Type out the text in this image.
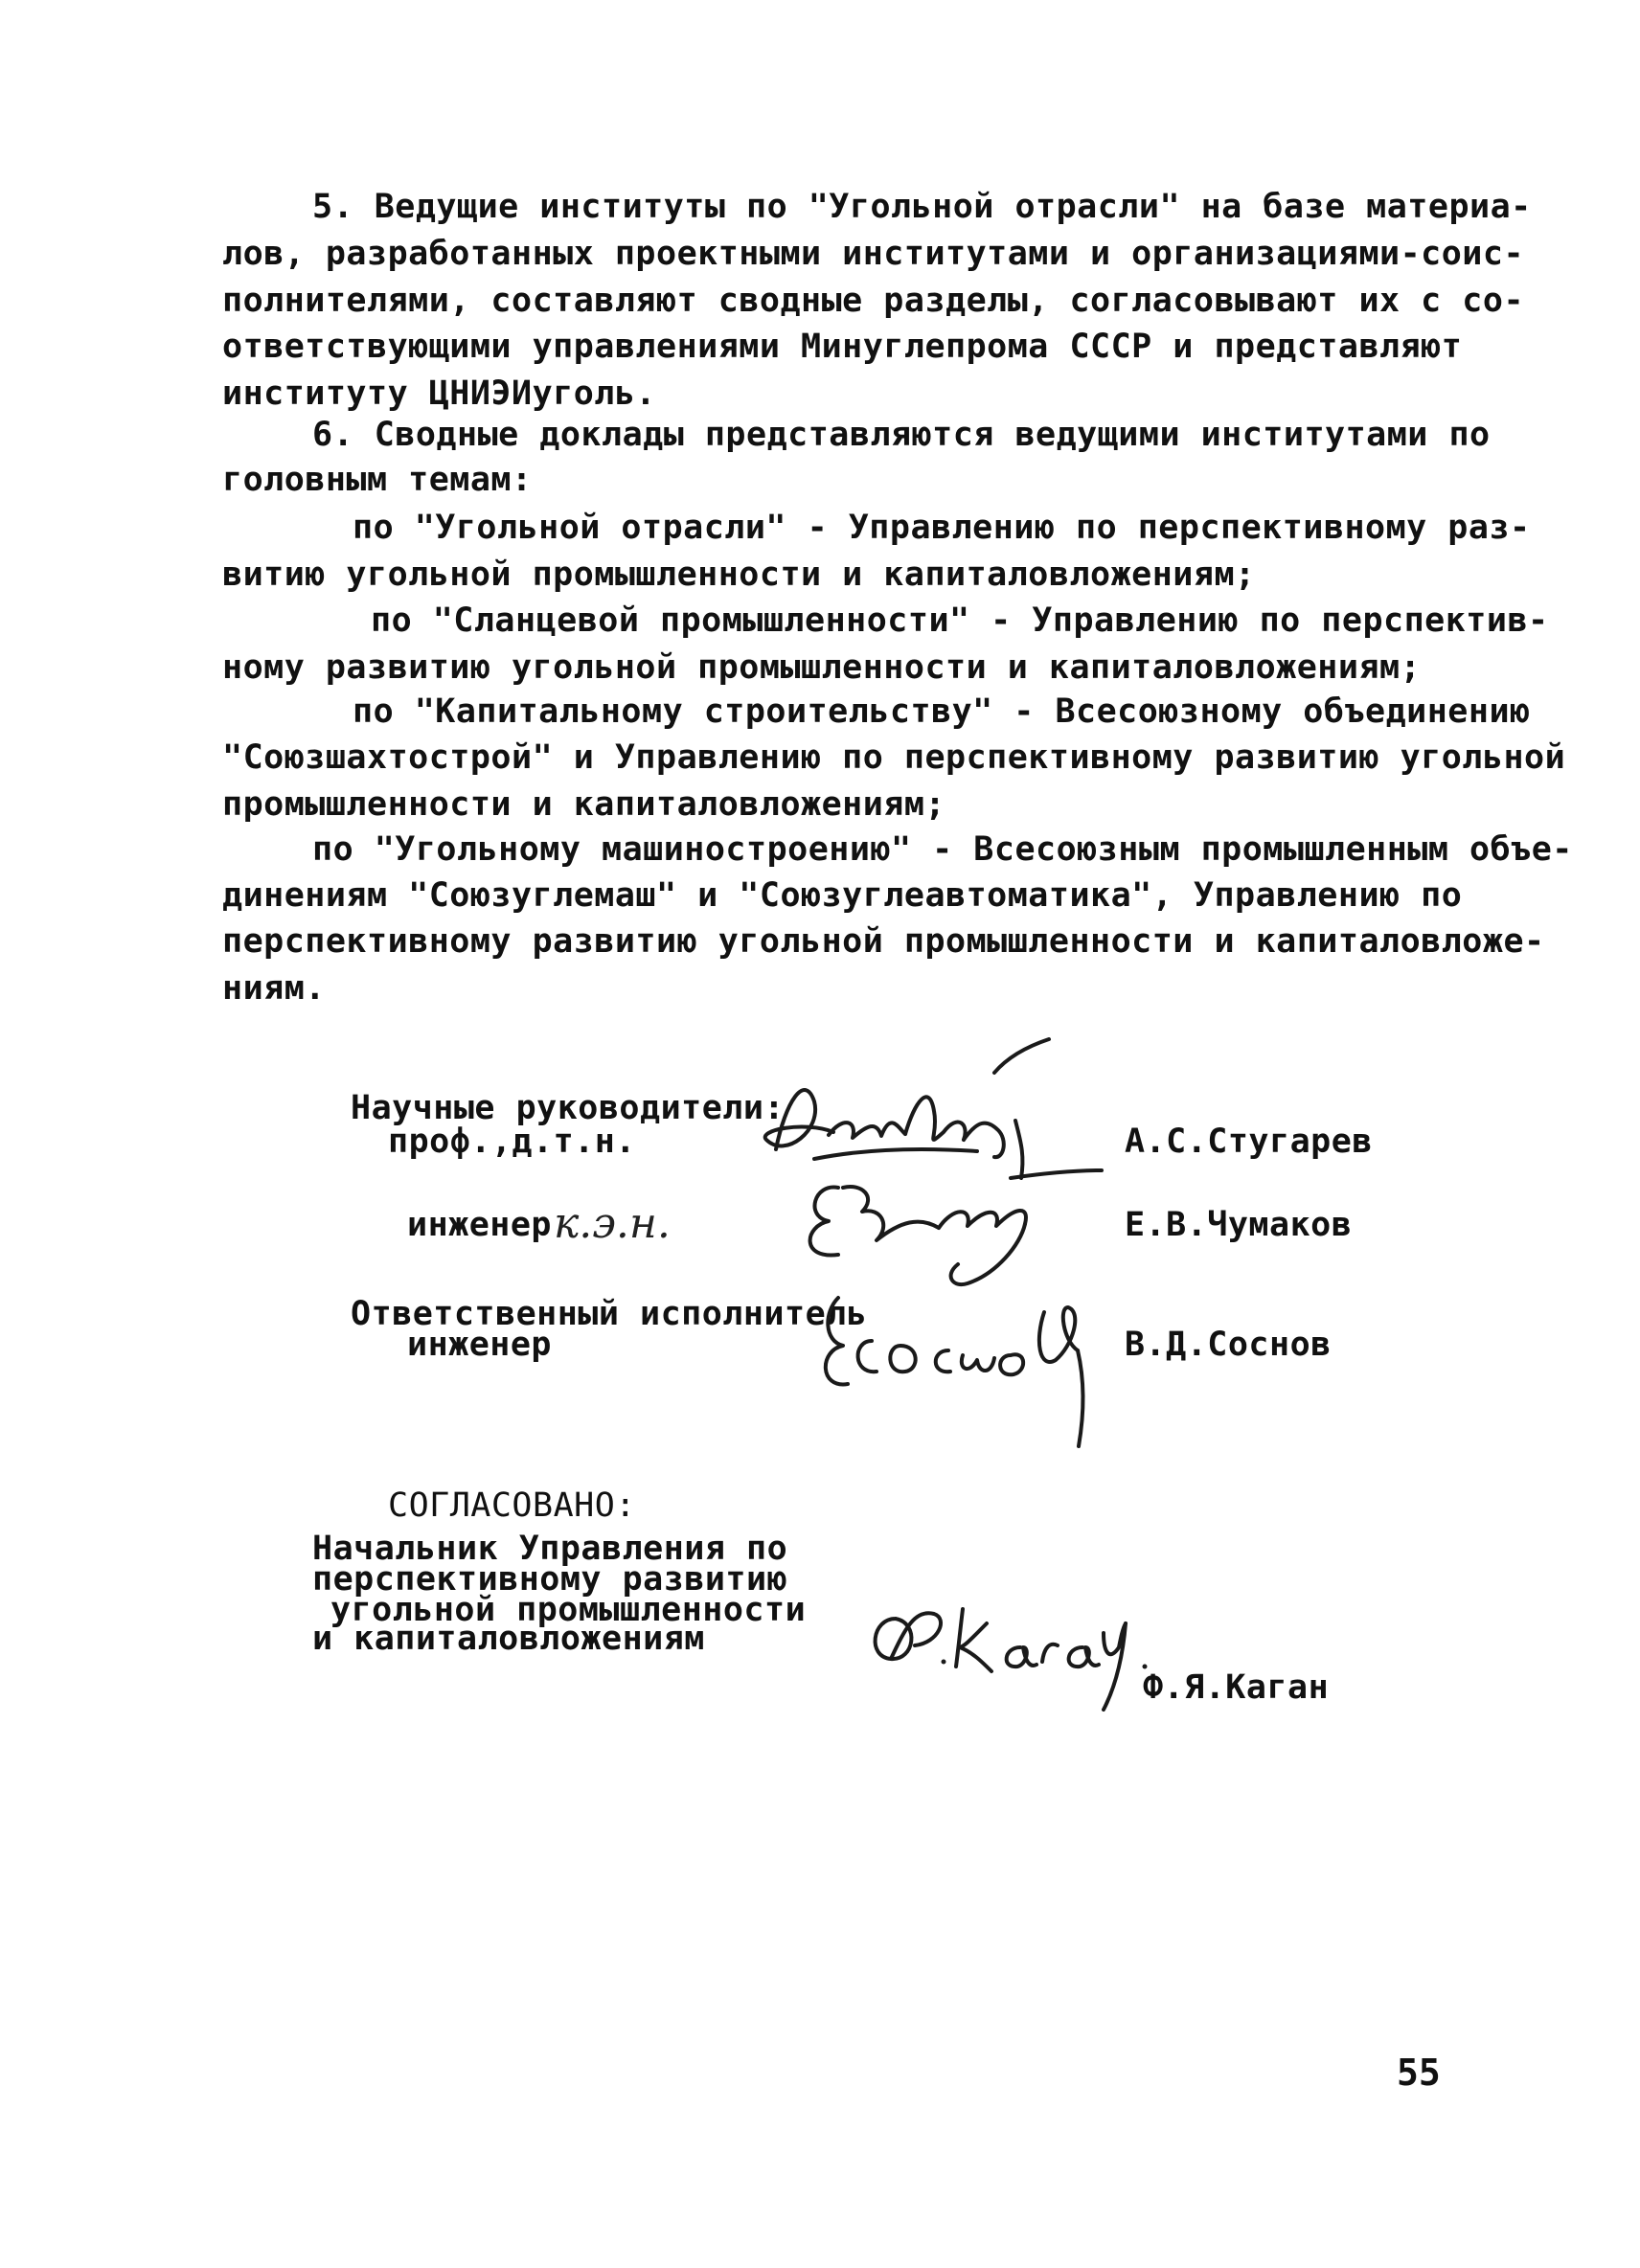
5. Ведущие институты по "Угольной отрасли" на базе материа-
лов, разработанных проектными институтами и организациями-соис-
полнителями, составляют сводные разделы, согласовывают их с со-
ответствующими управлениями Минуглепрома СССР и представляют
институту ЦНИЭИуголь.
6. Сводные доклады представляются ведущими институтами по
головным темам:
по "Угольной отрасли" - Управлению по перспективному раз-
витию угольной промышленности и капиталовложениям;
по "Сланцевой промышленности" - Управлению по перспектив-
ному развитию угольной промышленности и капиталовложениям;
по "Капитальному строительству" - Всесоюзному объединению
"Союзшахтострой" и Управлению по перспективному развитию угольной
промышленности и капиталовложениям;
по "Угольному машиностроению" - Всесоюзным промышленным объе-
динениям "Союзуглемаш" и "Союзуглеавтоматика", Управлению по
перспективному развитию угольной промышленности и капиталовложе-
ниям.
Научные руководители:
проф.,д.т.н.	А.С.Стугарев
инженер к.э.н.	Е.В.Чумаков
Ответственный исполнитель
инженер	В.Д.Соснов
СОГЛАСОВАНО:
Начальник Управления по
перспективному развитию
угольной промышленности
и капиталовложениям
Ф.Я.Каган
55
